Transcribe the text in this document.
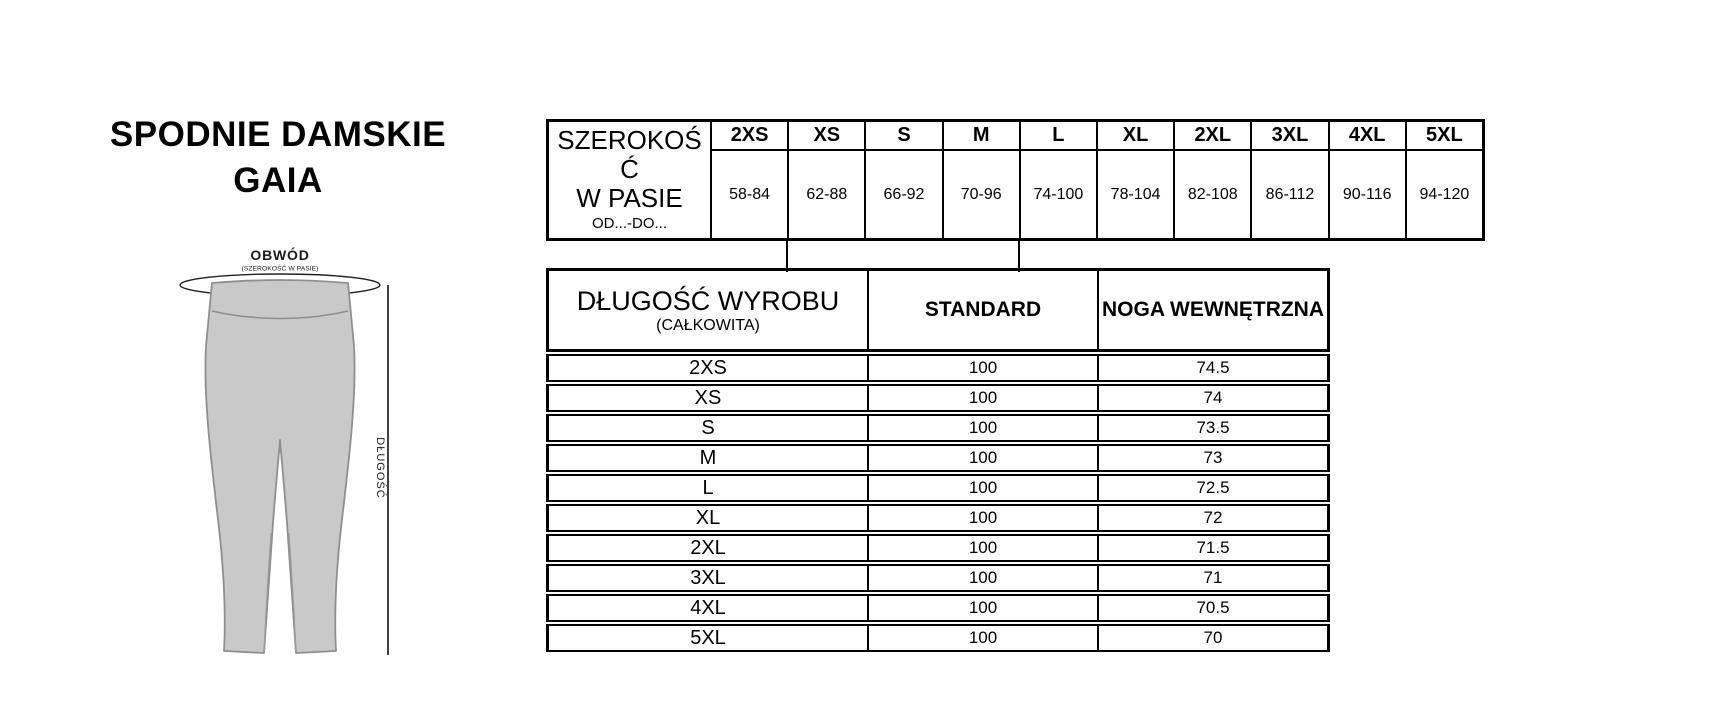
SPODNIE DAMSKIE
GAIA
OBWÓD
(SZEROKOŚĆ W PASIE)
DŁUGOŚĆ
SZEROKOŚĆ
W PASIE
OD...-DO...
2XS	XS	S	M	L	XL	2XL	3XL	4XL	5XL
58-84	62-88	66-92	70-96	74-100	78-104	82-108	86-112	90-116	94-120
DŁUGOŚĆ WYROBU
(CAŁKOWITA)
STANDARD	NOGA WEWNĘTRZNA
2XS	100	74.5
XS	100	74
S	100	73.5
M	100	73
L	100	72.5
XL	100	72
2XL	100	71.5
3XL	100	71
4XL	100	70.5
5XL	100	70
